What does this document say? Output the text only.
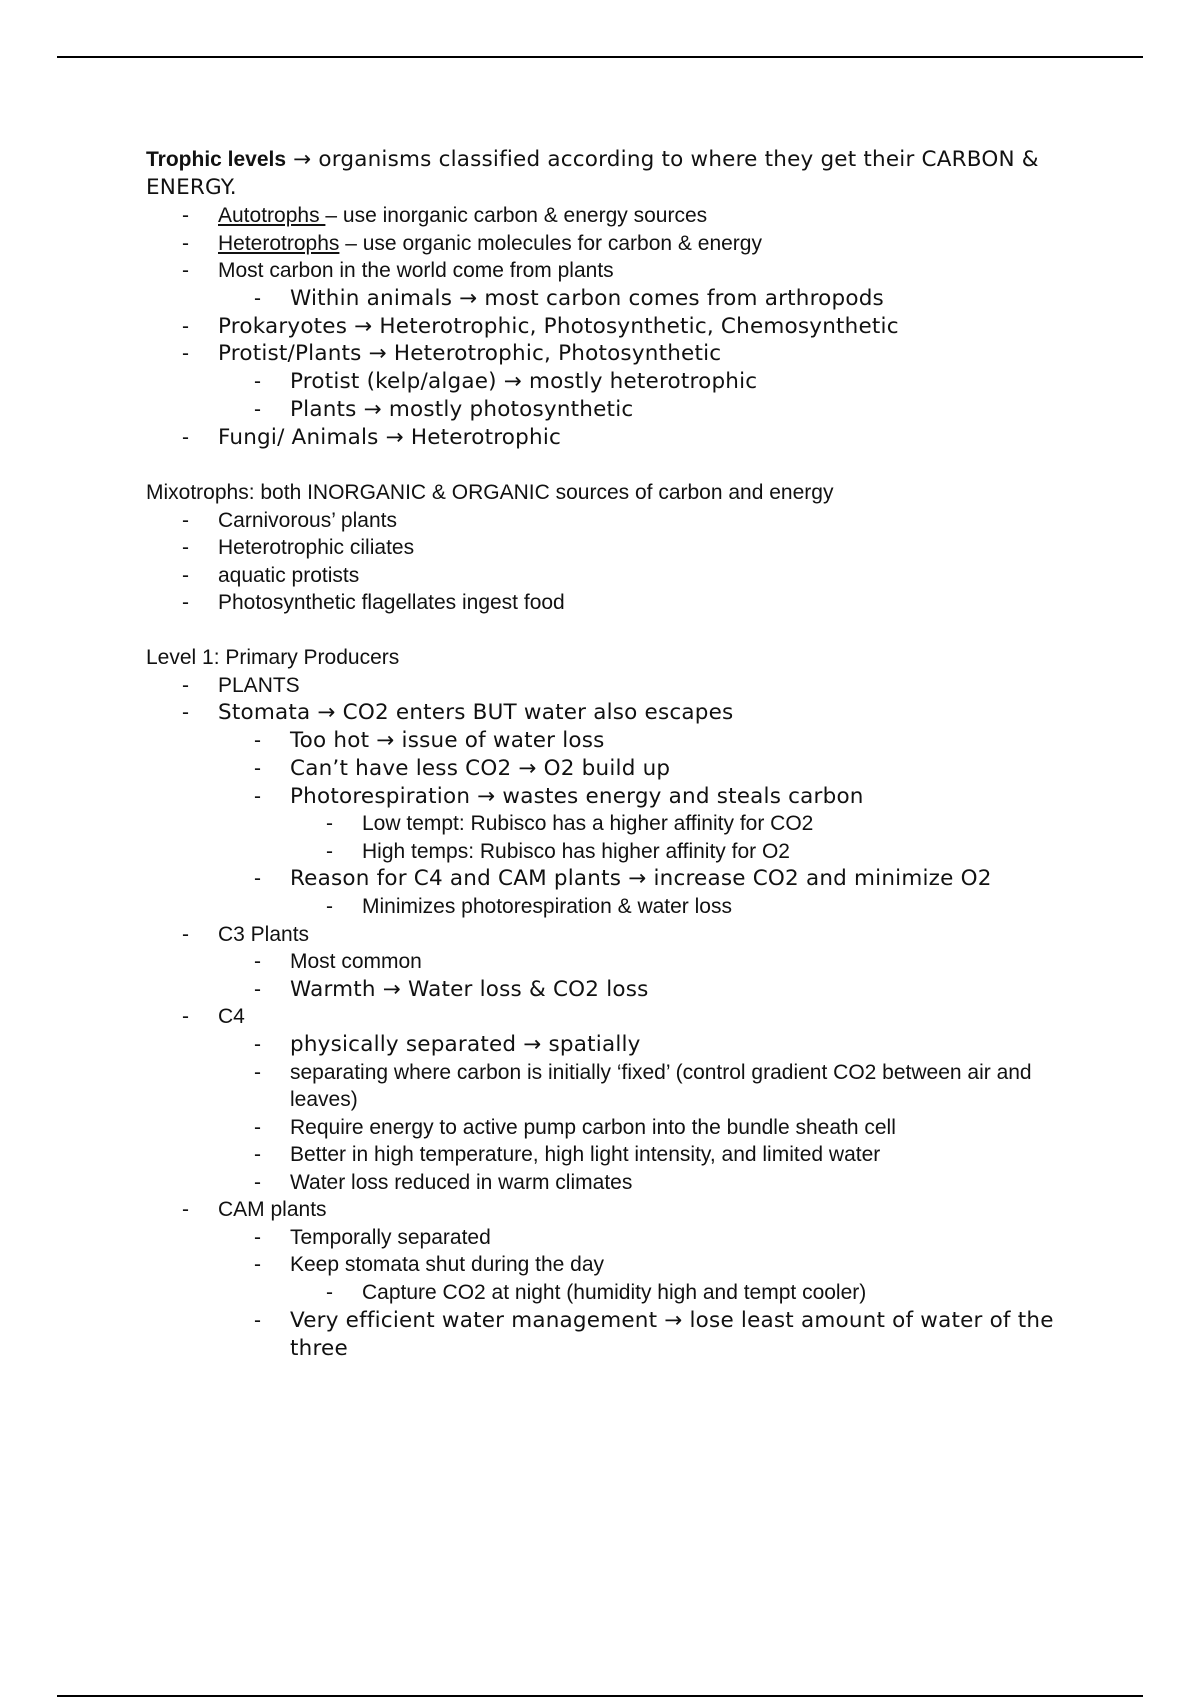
Trophic levels → organisms classified according to where they get their CARBON &
ENERGY.
- Autotrophs – use inorganic carbon & energy sources
- Heterotrophs – use organic molecules for carbon & energy
- Most carbon in the world come from plants
- Within animals → most carbon comes from arthropods
- Prokaryotes → Heterotrophic, Photosynthetic, Chemosynthetic
- Protist/Plants → Heterotrophic, Photosynthetic
- Protist (kelp/algae) → mostly heterotrophic
- Plants → mostly photosynthetic
- Fungi/ Animals → Heterotrophic
Mixotrophs: both INORGANIC & ORGANIC sources of carbon and energy
- Carnivorous’ plants
- Heterotrophic ciliates
- aquatic protists
- Photosynthetic flagellates ingest food
Level 1: Primary Producers
- PLANTS
- Stomata → CO2 enters BUT water also escapes
- Too hot → issue of water loss
- Can’t have less CO2 → O2 build up
- Photorespiration → wastes energy and steals carbon
- Low tempt: Rubisco has a higher affinity for CO2
- High temps: Rubisco has higher affinity for O2
- Reason for C4 and CAM plants → increase CO2 and minimize O2
- Minimizes photorespiration & water loss
- C3 Plants
- Most common
- Warmth → Water loss & CO2 loss
- C4
- physically separated → spatially
- separating where carbon is initially ‘fixed’ (control gradient CO2 between air and
leaves)
- Require energy to active pump carbon into the bundle sheath cell
- Better in high temperature, high light intensity, and limited water
- Water loss reduced in warm climates
- CAM plants
- Temporally separated
- Keep stomata shut during the day
- Capture CO2 at night (humidity high and tempt cooler)
- Very efficient water management → lose least amount of water of the
three
